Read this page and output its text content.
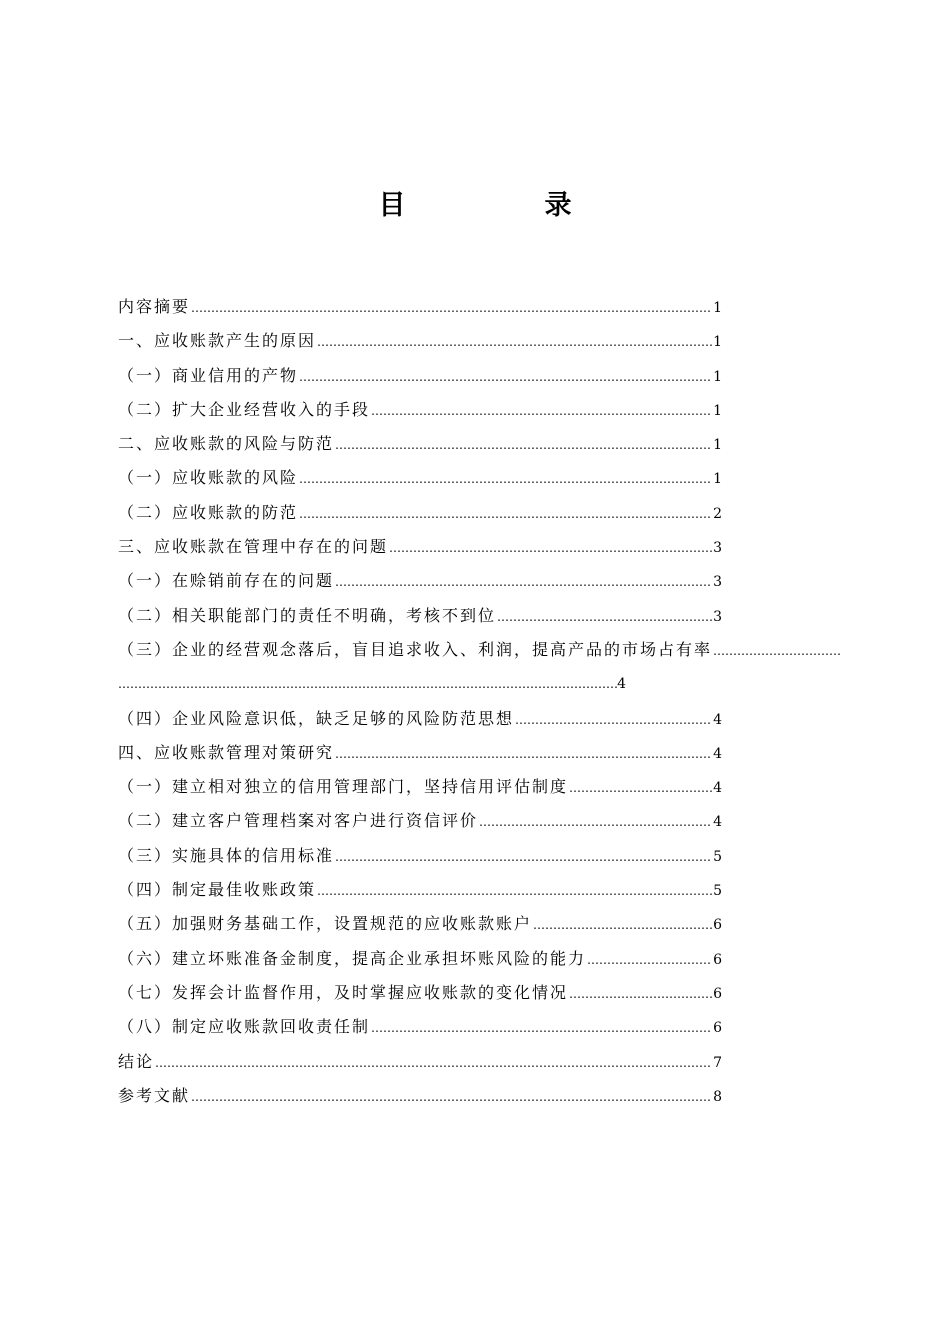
目　录
内容摘要 …………………………………………………………………………………………………………………………………………………………………………………………………………	1
一、应收账款产生的原因 …………………………………………………………………………………………………………………………………………………………………………………………………………	1
（一）商业信用的产物 …………………………………………………………………………………………………………………………………………………………………………………………………………	1
（二）扩大企业经营收入的手段 …………………………………………………………………………………………………………………………………………………………………………………………………………	1
二、应收账款的风险与防范 …………………………………………………………………………………………………………………………………………………………………………………………………………	1
（一）应收账款的风险 …………………………………………………………………………………………………………………………………………………………………………………………………………	1
（二）应收账款的防范 …………………………………………………………………………………………………………………………………………………………………………………………………………	2
三、应收账款在管理中存在的问题 …………………………………………………………………………………………………………………………………………………………………………………………………………	3
（一）在赊销前存在的问题 …………………………………………………………………………………………………………………………………………………………………………………………………………	3
（二）相关职能部门的责任不明确，考核不到位 …………………………………………………………………………………………………………………………………………………………………………………………………………	3
（三）企业的经营观念落后，盲目追求收入、利润，提高产品的市场占有率
……………………………………………………………………………
…………………………………………………………………………………………………………………………………………………………………………
4
（四）企业风险意识低，缺乏足够的风险防范思想 …………………………………………………………………………………………………………………………………………………………………………………………………………	4
四、应收账款管理对策研究 …………………………………………………………………………………………………………………………………………………………………………………………………………	4
（一）建立相对独立的信用管理部门，坚持信用评估制度 …………………………………………………………………………………………………………………………………………………………………………………………………………	4
（二）建立客户管理档案对客户进行资信评价 …………………………………………………………………………………………………………………………………………………………………………………………………………	4
（三）实施具体的信用标准 …………………………………………………………………………………………………………………………………………………………………………………………………………	5
（四）制定最佳收账政策 …………………………………………………………………………………………………………………………………………………………………………………………………………	5
（五）加强财务基础工作，设置规范的应收账款账户 …………………………………………………………………………………………………………………………………………………………………………………………………………	6
（六）建立坏账准备金制度，提高企业承担坏账风险的能力 …………………………………………………………………………………………………………………………………………………………………………………………………………	6
（七）发挥会计监督作用，及时掌握应收账款的变化情况 …………………………………………………………………………………………………………………………………………………………………………………………………………	6
（八）制定应收账款回收责任制 …………………………………………………………………………………………………………………………………………………………………………………………………………	6
结论 …………………………………………………………………………………………………………………………………………………………………………………………………………	7
参考文献 …………………………………………………………………………………………………………………………………………………………………………………………………………	8
